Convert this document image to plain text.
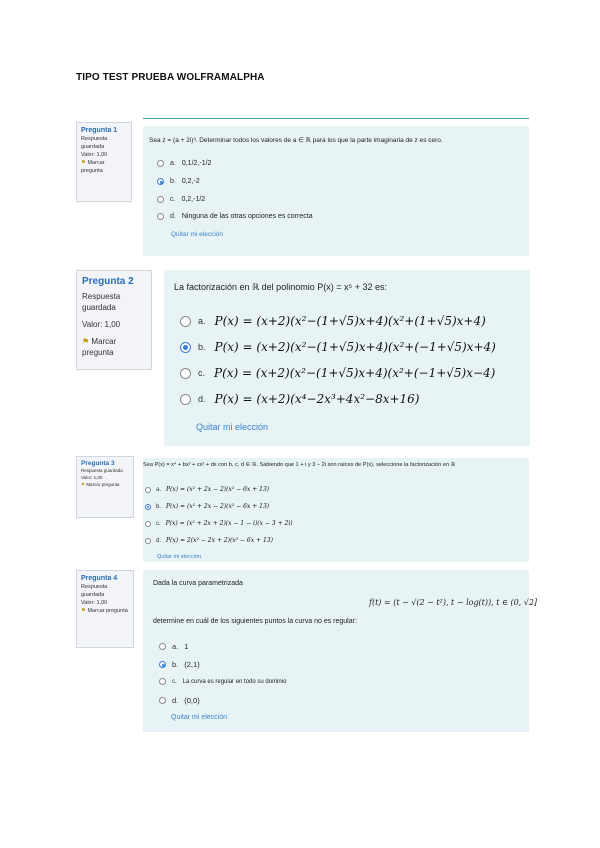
TIPO TEST PRUEBA WOLFRAMALPHA
Pregunta 1
Respuesta guardada
Valor: 1,00
⚑ Marcar pregunta
Sea z = (a + 2i)³. Determinar todos los valores de a ∈ ℝ para los que la parte imaginaria de z es cero.
a. 0,1/2,-1/2
b. 0,2,-2
c. 0,2,-1/2
d. Ninguna de las otras opciones es correcta
Quitar mi elección
Pregunta 2
Respuesta guardada
Valor: 1,00
⚑ Marcar pregunta
La factorización en ℝ del polinomio P(x) = x⁵ + 32 es:
a. P(x) = (x+2)(x²−(1+√5)x+4)(x²+(1+√5)x+4)
b. P(x) = (x+2)(x²−(1+√5)x+4)(x²+(−1+√5)x+4)
c. P(x) = (x+2)(x²−(1+√5)x+4)(x²+(−1+√5)x−4)
d. P(x) = (x+2)(x⁴−2x³+4x²−8x+16)
Quitar mi elección
Pregunta 3
Respuesta guardada
Valor: 1,00
⚑ Marcar pregunta
Sea P(x) = x⁴ + bx³ + cx² + dx con b, c, d ∈ ℝ. Sabiendo que 1 + i y 3 − 2i son raíces de P(x), seleccione la factorización en ℝ
a. P(x) = (x² + 2x − 2)(x² − 6x + 13)
b. P(x) = (x² + 2x − 2)(x² − 6x + 13)
c. P(x) = (x² + 2x + 2)(x − 1 − i)(x − 3 + 2i)
d. P(x) = 2(x² − 2x + 2)(x² − 6x + 13)
Quitar mi elección
Pregunta 4
Respuesta guardada
Valor: 1,00
⚑ Marcar pregunta
Dada la curva parametrizada
f(t) = (t − √(2 − t²), t − log(t)), t ∈ (0, √2]
determine en cuál de los siguientes puntos la curva no es regular:
a. 1
b. (2,1)
c. La curva es regular en todo su dominio
d. (0,0)
Quitar mi elección
